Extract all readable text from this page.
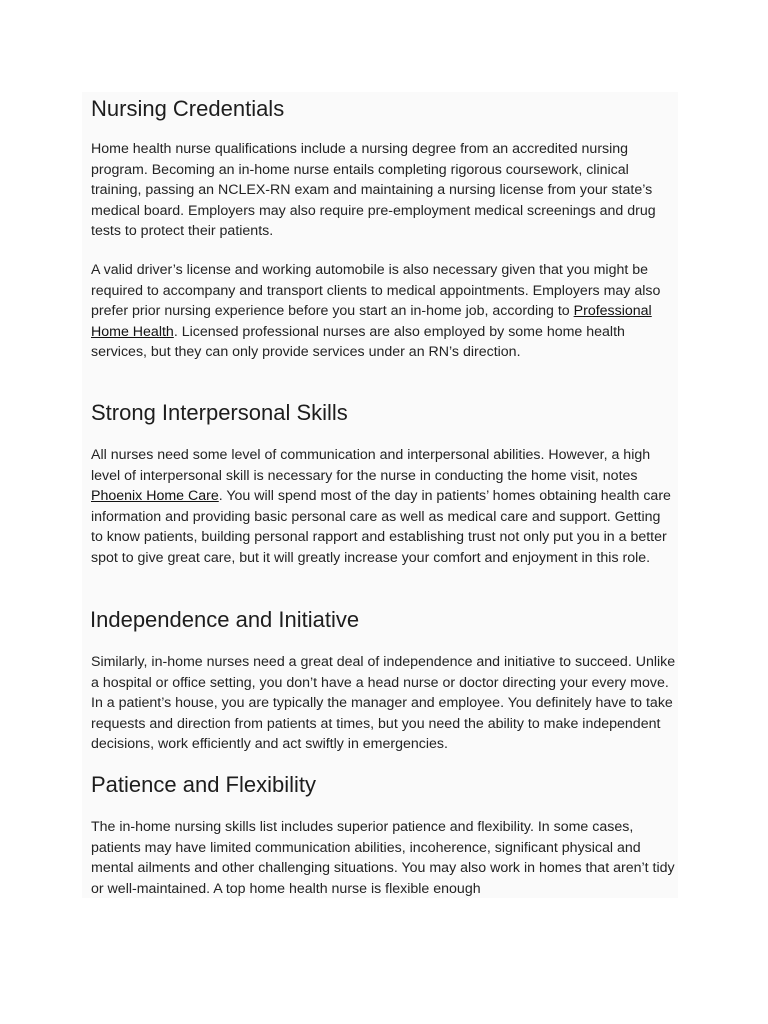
Nursing Credentials

Home health nurse qualifications include a nursing degree from an accredited nursing program. Becoming an in-home nurse entails completing rigorous coursework, clinical training, passing an NCLEX-RN exam and maintaining a nursing license from your state’s medical board. Employers may also require pre-employment medical screenings and drug tests to protect their patients.

A valid driver’s license and working automobile is also necessary given that you might be required to accompany and transport clients to medical appointments. Employers may also prefer prior nursing experience before you start an in-home job, according to Professional Home Health. Licensed professional nurses are also employed by some home health services, but they can only provide services under an RN’s direction.

Strong Interpersonal Skills

All nurses need some level of communication and interpersonal abilities. However, a high level of interpersonal skill is necessary for the nurse in conducting the home visit, notes Phoenix Home Care. You will spend most of the day in patients’ homes obtaining health care information and providing basic personal care as well as medical care and support. Getting to know patients, building personal rapport and establishing trust not only put you in a better spot to give great care, but it will greatly increase your comfort and enjoyment in this role.

Independence and Initiative

Similarly, in-home nurses need a great deal of independence and initiative to succeed. Unlike a hospital or office setting, you don’t have a head nurse or doctor directing your every move. In a patient’s house, you are typically the manager and employee. You definitely have to take requests and direction from patients at times, but you need the ability to make independent decisions, work efficiently and act swiftly in emergencies.

Patience and Flexibility

The in-home nursing skills list includes superior patience and flexibility. In some cases, patients may have limited communication abilities, incoherence, significant physical and mental ailments and other challenging situations. You may also work in homes that aren’t tidy or well-maintained. A top home health nurse is flexible enough
